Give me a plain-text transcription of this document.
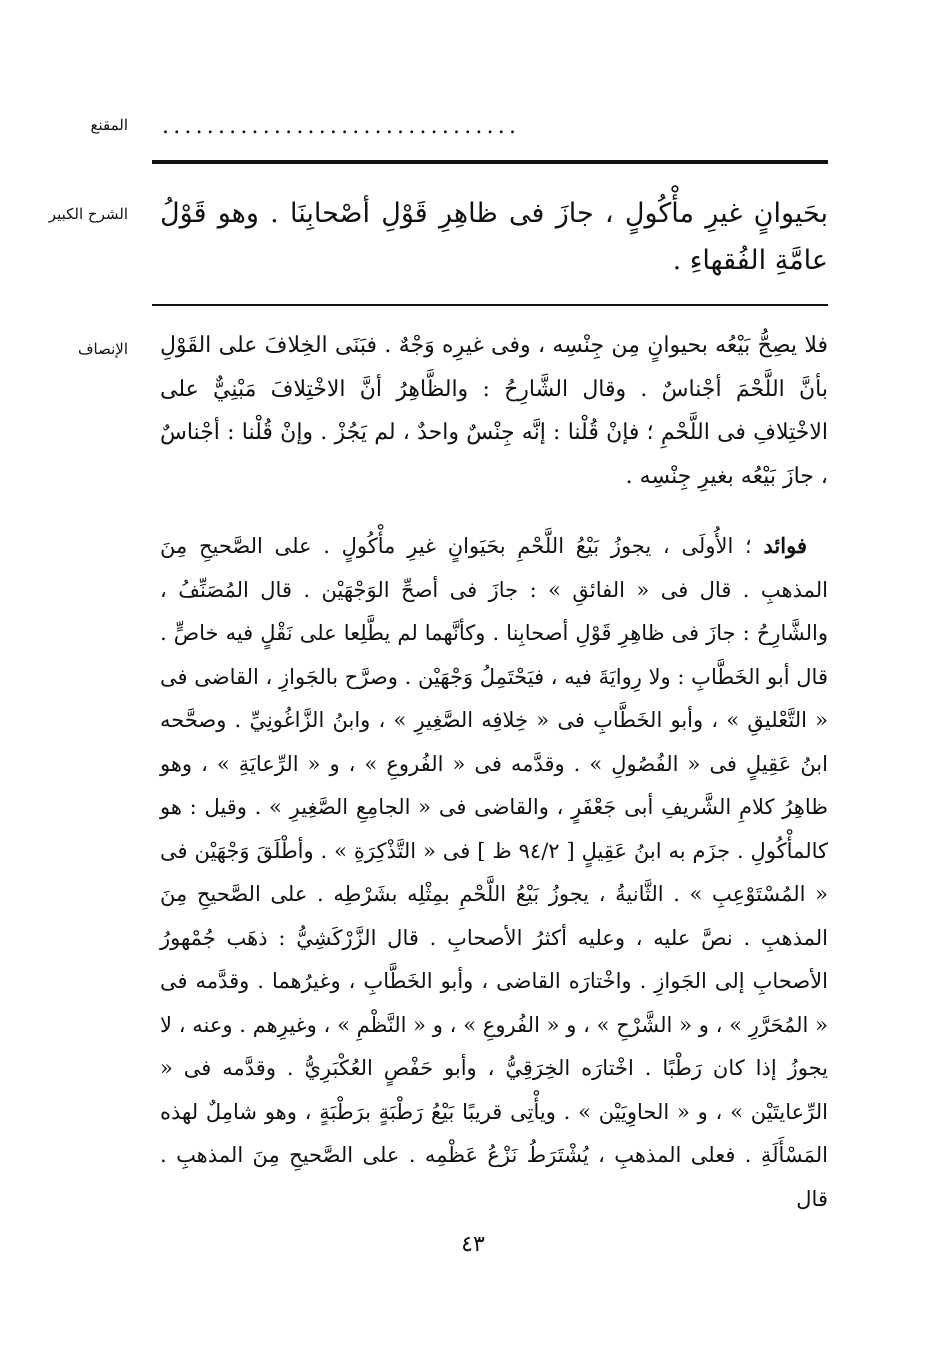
المقنع ................................
الشرح الكبير بحَيوانٍ غيرِ مأْكُولٍ ، جازَ فى ظاهِرِ قَوْلِ أصْحابِنَا . وهو قَوْلُ عامَّةِ الفُقهاءِ .

الإنصاف فلا يصِحُّ بَيْعُه بحيوانٍ مِن جِنْسِه ، وفى غيرِه وَجْهٌ . فبَنَى الخِلافَ على القَوْلِ بأنَّ اللَّحْمَ أجْناسٌ . وقال الشَّارِحُ : والظَّاهِرُ أنَّ الاخْتِلافَ مَبْنِيٌّ على الاخْتِلافِ فى اللَّحْمِ ؛ فإنْ قُلْنا : إنَّه جِنْسٌ واحدٌ ، لم يَجُزْ . وإنْ قُلْنا : أجْناسٌ ، جازَ بَيْعُه بغيرِ جِنْسِه .

 فوائد ؛ الأُولَى ، يجوزُ بَيْعُ اللَّحْمِ بحَيَوانٍ غيرِ مأْكُولٍ . على الصَّحيحِ مِنَ المذهبِ . قال فى « الفائقِ » : جازَ فى أصحِّ الوَجْهَيْن . قال المُصَنِّفُ ، والشَّارِحُ : جازَ فى ظاهِرِ قَوْلِ أصحابِنا . وكأنَّهما لم يطَّلِعا على نَقْلٍ فيه خاصٍّ . قال أبو الخَطَّابِ : ولا رِوايَةَ فيه ، فيَحْتَمِلُ وَجْهَيْن . وصرَّح بالجَوازِ ، القاضى فى « التَّعْليقِ » ، وأبو الخَطَّابِ فى « خِلافِه الصَّغِيرِ » ، وابنُ الزَّاغُونِيِّ . وصحَّحه ابنُ عَقِيلٍ فى « الفُصُولِ » . وقدَّمه فى « الفُروعِ » ، و « الرِّعايَةِ » ، وهو ظاهِرُ كلامِ الشَّريفِ أبى جَعْفَرٍ ، والقاضى فى « الجامِعِ الصَّغِيرِ » . وقيل : هو كالمأْكُولِ . جزَم به ابنُ عَقِيلٍ [ ٩٤/٢ ظ ] فى « التَّذْكِرَةِ » . وأطْلَقَ وَجْهَيْن فى « المُسْتَوْعِبِ » . الثَّانيةُ ، يجوزُ بَيْعُ اللَّحْمِ بمِثْلِه بشَرْطِه . على الصَّحيحِ مِنَ المذهبِ . نصَّ عليه ، وعليه أكثرُ الأصحابِ . قال الزَّرْكَشِيُّ : ذهَب جُمْهورُ الأصحابِ إلى الجَوازِ . واخْتارَه القاضى ، وأبو الخَطَّابِ ، وغيرُهما . وقدَّمه فى « المُحَرَّرِ » ، و « الشَّرْحِ » ، و « الفُروعِ » ، و « النَّظْمِ » ، وغيرِهم . وعنه ، لا يجوزُ إذا كان رَطْبًا . اخْتارَه الخِرَقِيُّ ، وأبو حَفْصٍ العُكْبَرِيُّ . وقدَّمه فى « الرِّعايتَيْن » ، و « الحاوِيَيْن » . ويأْتِى قريبًا بَيْعُ رَطْبَةٍ برَطْبَةٍ ، وهو شامِلٌ لهذه المَسْأَلَةِ . فعلى المذهبِ ، يُشْتَرَطُ نَزْعُ عَظْمِه . على الصَّحيحِ مِنَ المذهبِ . قال

٤٣
